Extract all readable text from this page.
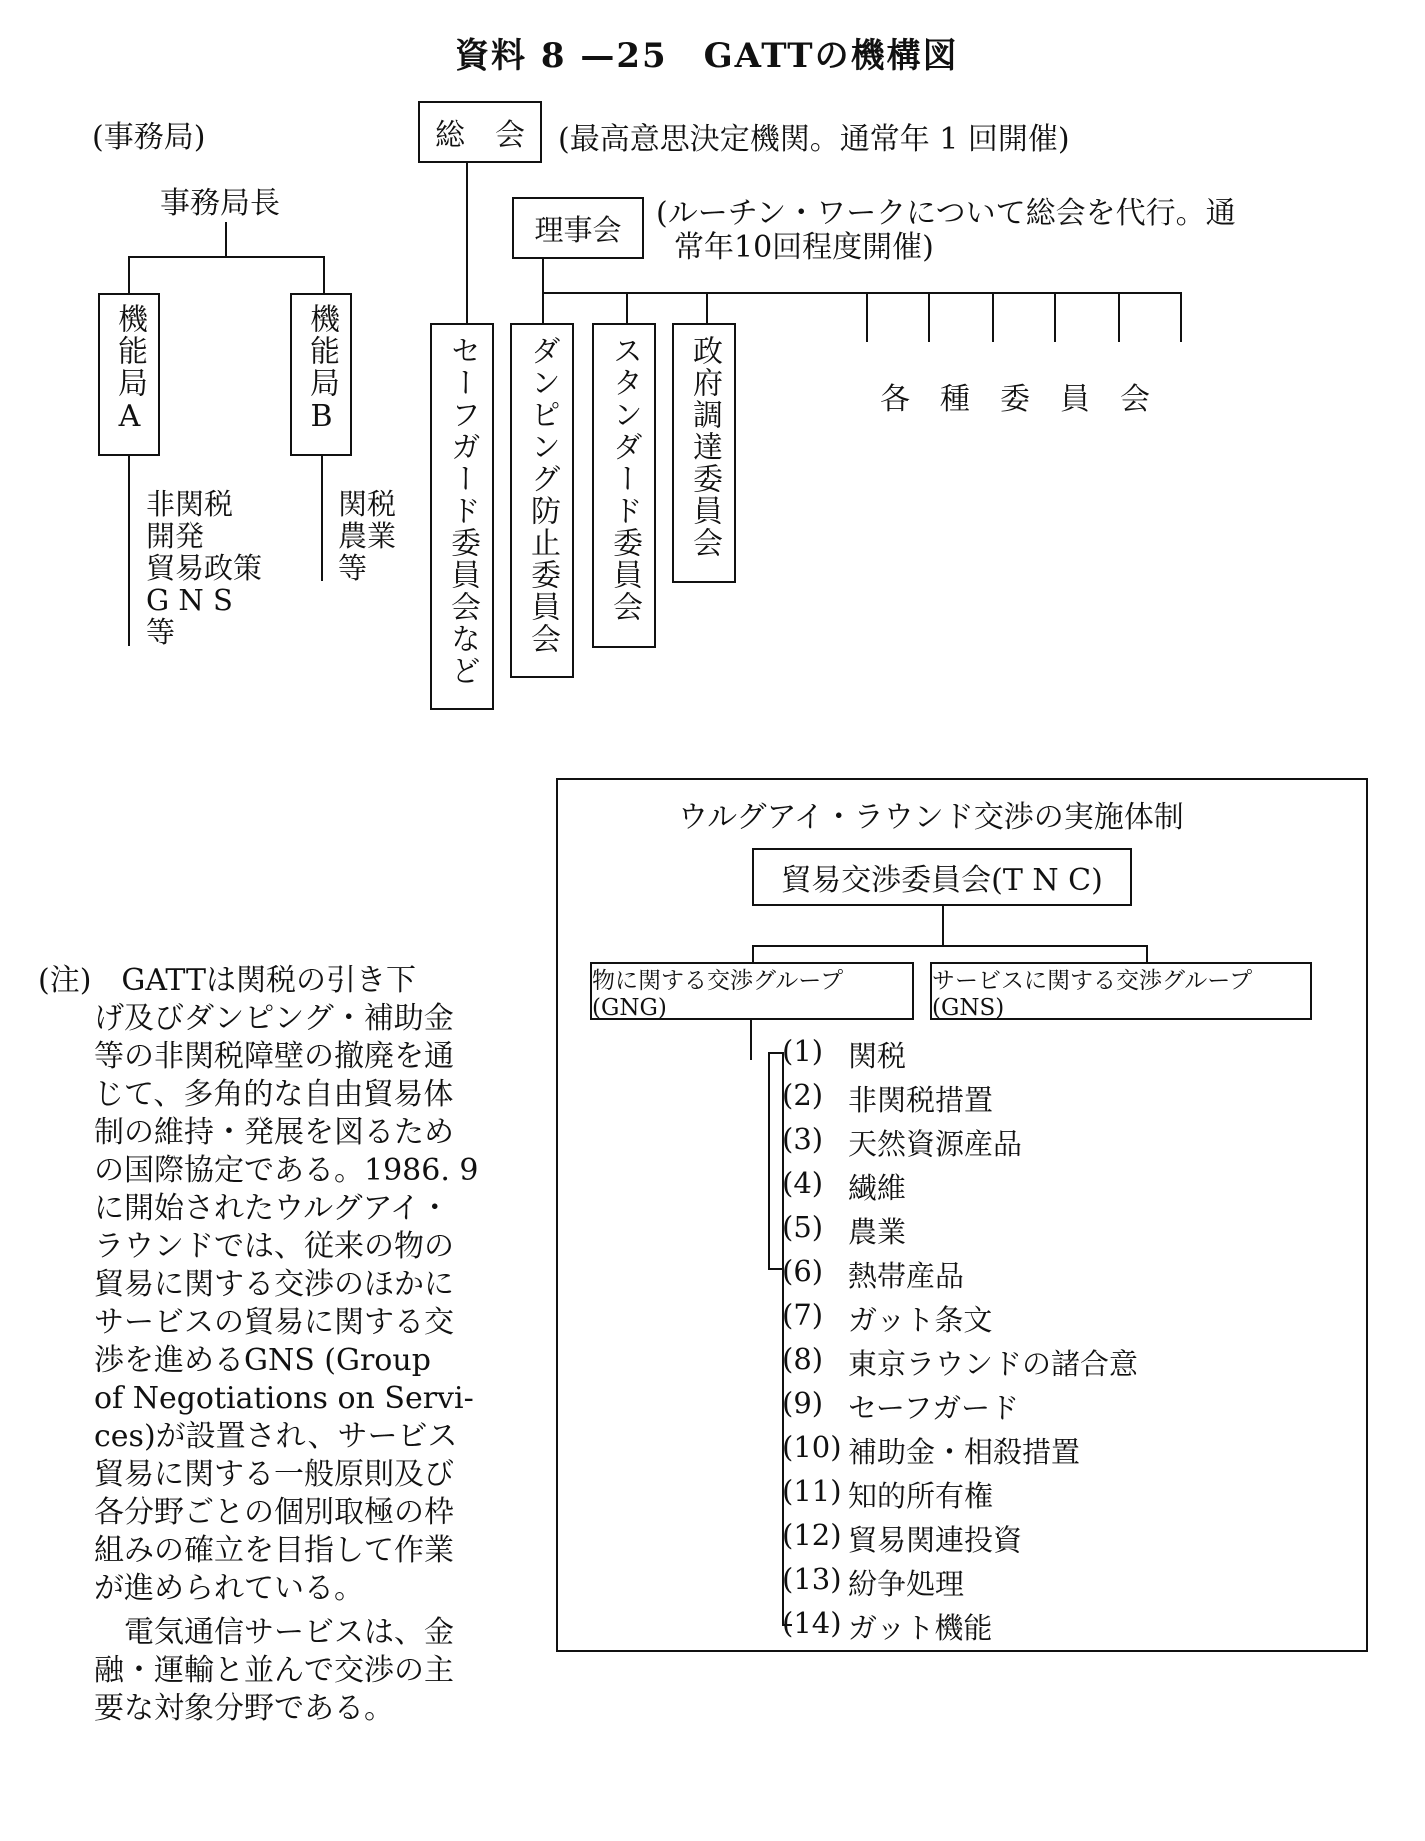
資料 8 —25　GATTの機構図
(事務局)
事務局長
機能局A	機能局B
非関税
開発
貿易政策
G N S
等
関税
農業
等
総　会 (最高意思決定機関。通常年 1 回開催)
理事会 (ルーチン・ワークについて総会を代行。通
常年10回程度開催)
セーフガード委員会など ダンピング防止委員会 スタンダード委員会 政府調達委員会	各　種　委　員　会
(注)　GATTは関税の引き下
げ及びダンピング・補助金
等の非関税障壁の撤廃を通
じて、多角的な自由貿易体
制の維持・発展を図るため
の国際協定である。1986. 9
に開始されたウルグアイ・
ラウンドでは、従来の物の
貿易に関する交渉のほかに
サービスの貿易に関する交
渉を進めるGNS (Group
of Negotiations on Servi-
ces)が設置され、サービス
貿易に関する一般原則及び
各分野ごとの個別取極の枠
組みの確立を目指して作業
が進められている。
　電気通信サービスは、金
融・運輸と並んで交渉の主
要な対象分野である。
ウルグアイ・ラウンド交渉の実施体制
貿易交渉委員会(T N C)
物に関する交渉グループ(GNG)
サービスに関する交渉グループ(GNS)
(1) 関税
(2) 非関税措置
(3) 天然資源産品
(4) 繊維
(5) 農業
(6) 熱帯産品
(7) ガット条文
(8) 東京ラウンドの諸合意
(9) セーフガード
(10) 補助金・相殺措置
(11) 知的所有権
(12) 貿易関連投資
(13) 紛争処理
(14) ガット機能
